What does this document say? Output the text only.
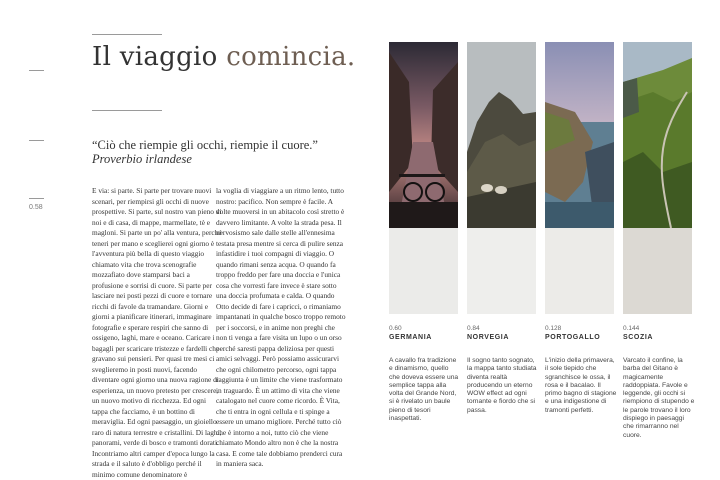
Il viaggio comincia.
“Ciò che riempie gli occhi, riempie il cuore.”
Proverbio irlandese
0.58

E via: si parte. Si parte per trovare nuovi scenari, per riempirsi gli occhi di nuove prospettive. Si parte, sul nostro van pieno di noi e di casa, di mappe, marmellate, tè e magloni. Si parte un po' alla ventura, perché teneri per mano e sceglierei ogni giorno è l'avventura più bella di questo viaggio chiamato vita che trova scenografie mozzafiato dove stamparsi baci a profusione e sorrisi di cuore. Si parte per lasciare nei posti pezzi di cuore e tornare ricchi di favole da tramandare. Giorni e giorni a pianificare itinerari, immaginare fotografie e sperare respiri che sanno di ossigeno, laghi, mare e oceano. Caricare i bagagli per scaricare tristezze e fardelli che gravano sui pensieri. Per quasi tre mesi ci sveglieremo in posti nuovi, facendo diventare ogni giorno una nuova ragione di esperienza, un nuovo pretesto per crescere, un nuovo motivo di ricchezza. Ed ogni tappa che facciamo, è un bottino di meraviglia. Ed ogni paesaggio, un gioiello raro di natura terrestre e cristallini. Di laghi, panorami, verde di bosco e tramonti dorati. Incontriamo altri camper d'epoca lungo la strada e il saluto è d'obbligo perché il minimo comune denominatore è

la voglia di viaggiare a un ritmo lento, tutto nostro: pacifico. Non sempre è facile. A volte muoversi in un abitacolo così stretto è davvero limitante. A volte la strada pesa. Il nervosismo sale dalle stelle all'ennesima testata presa mentre si cerca di pulire senza infastidire i tuoi compagni di viaggio. O quando rimani senza acqua. O quando fa troppo freddo per fare una doccia e l'unica cosa che vorresti fare invece è stare sotto una doccia profumata e calda. O quando Otto decide di fare i capricci, o rimaniamo impantanati in qualche bosco troppo remoto per i soccorsi, e in anime non preghi che non ti venga a fare visita un lupo o un orso perché saresti pappa deliziosa per questi amici selvaggi. Però possiamo assicurarvi che ogni chilometro percorso, ogni tappa raggiunta è un limite che viene trasformato in traguardo. È un attimo di vita che viene catalogato nel cuore come ricordo. È Vita, che ti entra in ogni cellula e ti spinge a essere un umano migliore. Perché tutto ciò che è intorno a noi, tutto ciò che viene chiamato Mondo altro non è che la nostra casa. E come tale dobbiamo prenderci cura in maniera saca.

0.60
GERMANIA
A cavallo fra tradizione e dinamismo, quello che doveva essere una semplice tappa alla volta del Grande Nord, si è rivelato un baule pieno di tesori inaspettati.
0.84
NORVEGIA
Il sogno tanto sognato, la mappa tanto studiata diventa realtà producendo un eterno WOW effect ad ogni tornante e fiordo che si passa.
0.128
PORTOGALLO
L'inizio della primavera, il sole tiepido che sgranchisce le ossa, il rosa e il bacalao. Il primo bagno di stagione e una indigestione di tramonti perfetti.
0.144
SCOZIA
Varcato il confine, la barba del Gitano è magicamente raddoppiata. Favole e leggende, gli occhi si riempiono di stupendo e le parole trovano il loro dispiego in paesaggi che rimarranno nel cuore.
